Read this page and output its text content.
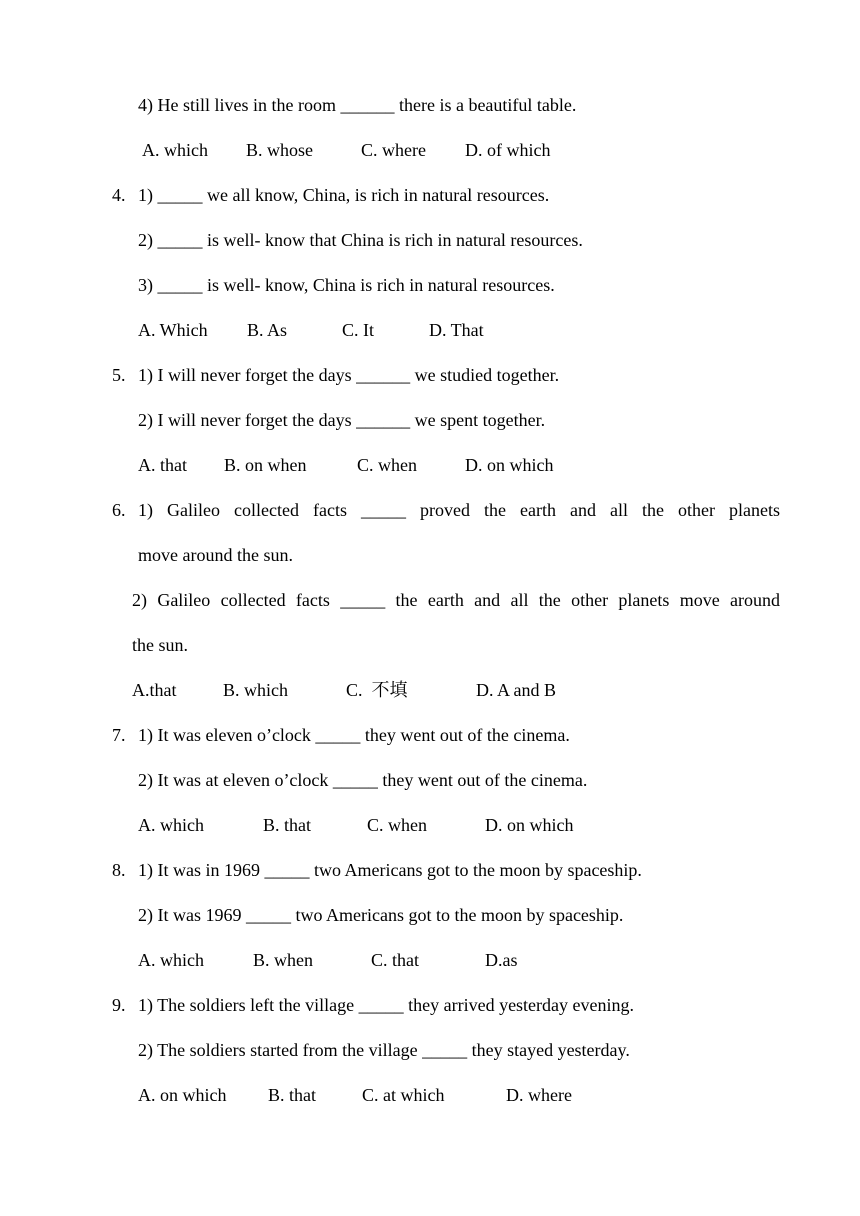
4) He still lives in the room ______ there is a beautiful table.
A. which B. whose	C. where D. of which
4. 1) _____ we all know, China, is rich in natural resources.
2) _____ is well- know that China is rich in natural resources.
3) _____ is well- know, China is rich in natural resources.
A. Which B. As	C. It	D. That
5. 1) I will never forget the days ______ we studied together.
2) I will never forget the days ______ we spent together.
A. that B. on when	C. when	D. on which
6. 1) Galileo collected facts _____ proved the earth and all the other planets
move around the sun.
2) Galileo collected facts _____ the earth and all the other planets move around
the sun.
A.that	B. which	C.  不填	D. A and B
7. 1) It was eleven o’clock _____ they went out of the cinema.
2) It was at eleven o’clock _____ they went out of the cinema.
A. which	B. that	C. when	D. on which
8. 1) It was in 1969 _____ two Americans got to the moon by spaceship.
2) It was 1969 _____ two Americans got to the moon by spaceship.
A. which	B. when	C. that	D.as
9. 1) The soldiers left the village _____ they arrived yesterday evening.
2) The soldiers started from the village _____ they stayed yesterday.
A. on which B. that	C. at which	D. where
